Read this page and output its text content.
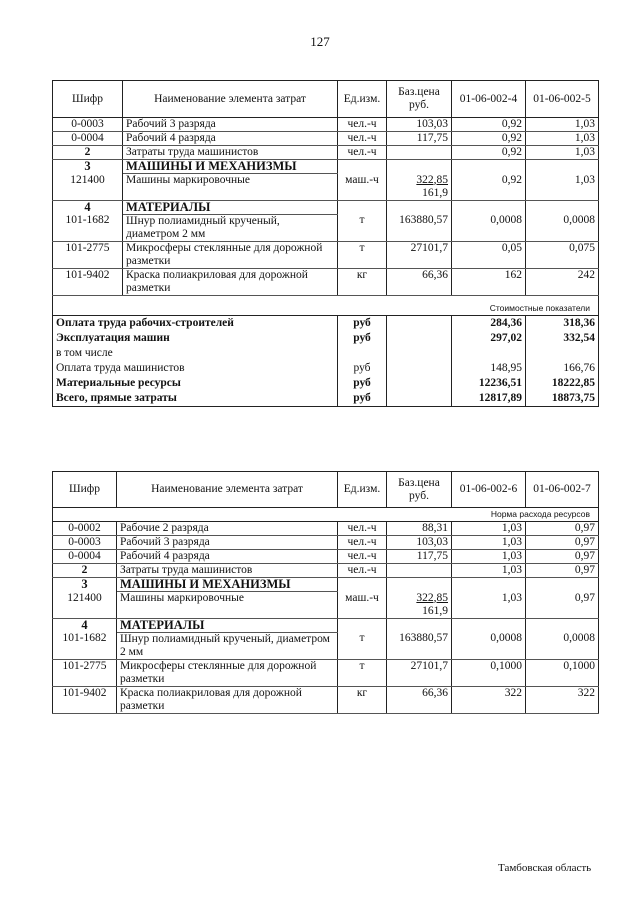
127
Шифр	Наименование элемента затрат	Ед.изм.	Баз.цена руб.	01-06-002-4	01-06-002-5
0-0003	Рабочий 3 разряда	чел.-ч	103,03	0,92	1,03
0-0004	Рабочий 4 разряда	чел.-ч	117,75	0,92	1,03
2	Затраты труда машинистов	чел.-ч		0,92	1,03
3	МАШИНЫ И МЕХАНИЗМЫ				
121400	Машины маркировочные	маш.-ч	$\frac{322,85}{161,9}$	0,92	1,03
4	МАТЕРИАЛЫ				
101-1682	Шнур полиамидный крученый, диаметром 2 мм	т	163880,57	0,0008	0,0008
101-2775	Микросферы стеклянные для дорожной разметки	т	27101,7	0,05	0,075
101-9402	Краска полиакриловая для дорожной разметки	кг	66,36	162	242

Стоимостные показатели					
Оплата труда рабочих-строителей		руб		284,36	318,36
Эксплуатация машин		руб		297,02	332,54
в том числе					
Оплата труда машинистов		руб		148,95	166,76
Материальные ресурсы		руб		12236,51	18222,85
Всего, прямые затраты		руб		12817,89	18873,75
Шифр	Наименование элемента затрат	Ед.изм.	Баз.цена руб.	01-06-002-6	01-06-002-7
Норма расхода ресурсов					
0-0002	Рабочие 2 разряда	чел.-ч	88,31	1,03	0,97
0-0003	Рабочий 3 разряда	чел.-ч	103,03	1,03	0,97
0-0004	Рабочий 4 разряда	чел.-ч	117,75	1,03	0,97
2	Затраты труда машинистов	чел.-ч		1,03	0,97
3	МАШИНЫ И МЕХАНИЗМЫ				
121400	Машины маркировочные	маш.-ч	$\frac{322,85}{161,9}$	1,03	0,97
4	МАТЕРИАЛЫ				
101-1682	Шнур полиамидный крученый, диаметром 2 мм	т	163880,57	0,0008	0,0008
101-2775	Микросферы стеклянные для дорожной разметки	т	27101,7	0,1000	0,1000
101-9402	Краска полиакриловая для дорожной разметки	кг	66,36	322	322
Тамбовская область
